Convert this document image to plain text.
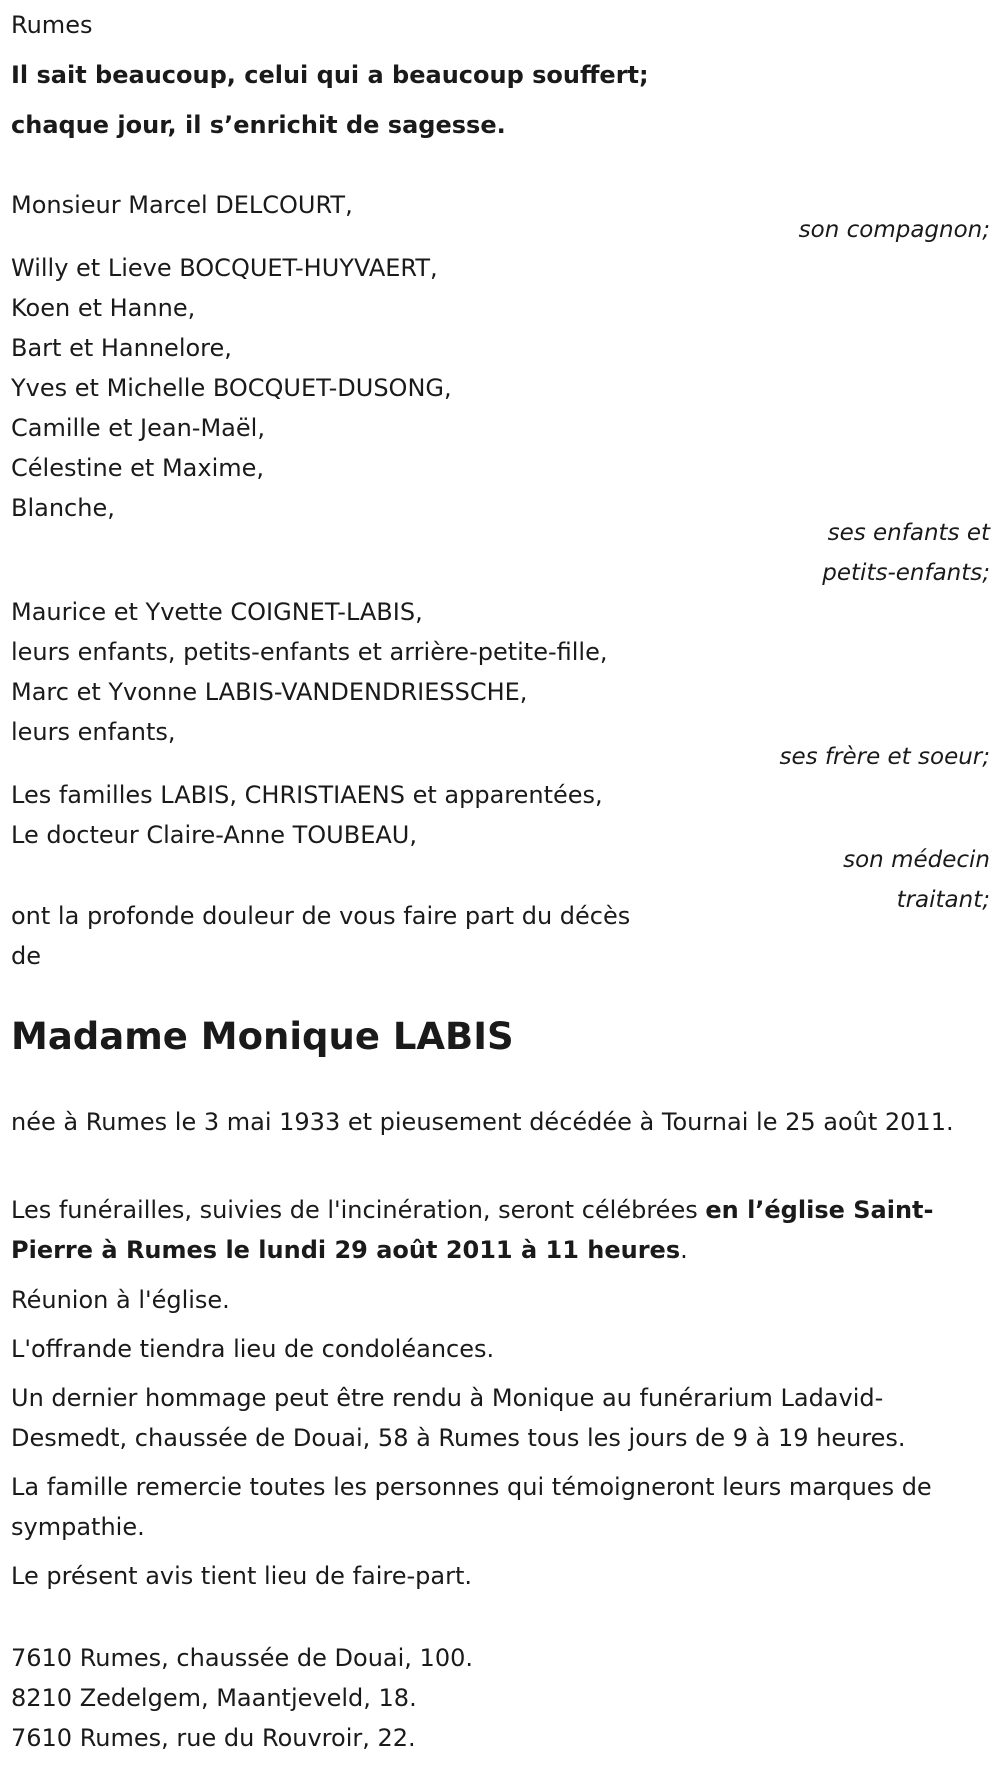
Rumes

Il sait beaucoup, celui qui a beaucoup souffert;

chaque jour, il s’enrichit de sagesse.

Monsieur Marcel DELCOURT,

son compagnon;

Willy et Lieve BOCQUET-HUYVAERT,

Koen et Hanne,

Bart et Hannelore,

Yves et Michelle BOCQUET-DUSONG,

Camille et Jean-Maël,

Célestine et Maxime,

Blanche,

ses enfants et
petits-enfants;

Maurice et Yvette COIGNET-LABIS,

leurs enfants, petits-enfants et arrière-petite-fille,

Marc et Yvonne LABIS-VANDENDRIESSCHE,

leurs enfants,

ses frère et soeur;

Les familles LABIS, CHRISTIAENS et apparentées,

Le docteur Claire-Anne TOUBEAU,

son médecin
traitant;

ont la profonde douleur de vous faire part du décès

de

Madame Monique LABIS

née à Rumes le 3 mai 1933 et pieusement décédée à Tournai le 25 août 2011.

Les funérailles, suivies de l'incinération, seront célébrées en l’église Saint-Pierre à Rumes le lundi 29 août 2011 à 11 heures.

Réunion à l'église.

L'offrande tiendra lieu de condoléances.

Un dernier hommage peut être rendu à Monique au funérarium Ladavid-Desmedt, chaussée de Douai, 58 à Rumes tous les jours de 9 à 19 heures.

La famille remercie toutes les personnes qui témoigneront leurs marques de sympathie.

Le présent avis tient lieu de faire-part.

7610 Rumes, chaussée de Douai, 100.

8210 Zedelgem, Maantjeveld, 18.

7610 Rumes, rue du Rouvroir, 22.
